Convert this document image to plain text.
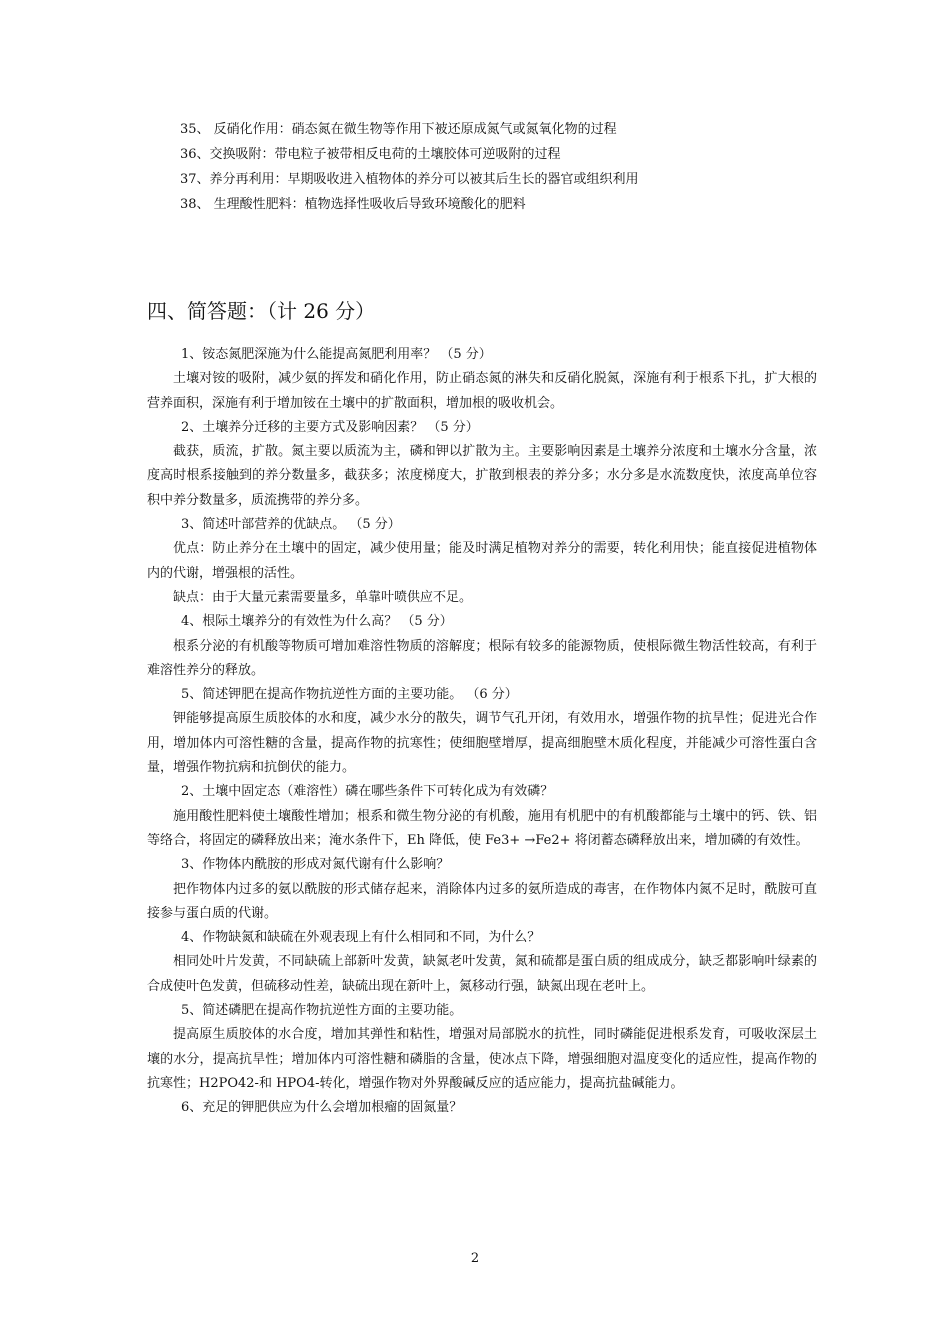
35、 反硝化作用：硝态氮在微生物等作用下被还原成氮气或氮氧化物的过程
36、交换吸附：带电粒子被带相反电荷的土壤胶体可逆吸附的过程
37、养分再利用：早期吸收进入植物体的养分可以被其后生长的器官或组织利用
38、 生理酸性肥料：植物选择性吸收后导致环境酸化的肥料
四、简答题：（计 26 分）

1、铵态氮肥深施为什么能提高氮肥利用率？ （5 分）

土壤对铵的吸附，减少氨的挥发和硝化作用，防止硝态氮的淋失和反硝化脱氮，深施有利于根系下扎，扩大根的营养面积，深施有利于增加铵在土壤中的扩散面积，增加根的吸收机会。

2、土壤养分迁移的主要方式及影响因素？ （5 分）

截获，质流，扩散。氮主要以质流为主，磷和钾以扩散为主。主要影响因素是土壤养分浓度和土壤水分含量，浓度高时根系接触到的养分数量多，截获多；浓度梯度大，扩散到根表的养分多；水分多是水流数度快，浓度高单位容积中养分数量多，质流携带的养分多。

3、简述叶部营养的优缺点。 （5 分）

优点：防止养分在土壤中的固定，减少使用量；能及时满足植物对养分的需要，转化利用快；能直接促进植物体内的代谢，增强根的活性。

缺点：由于大量元素需要量多，单靠叶喷供应不足。

4、根际土壤养分的有效性为什么高？ （5 分）

根系分泌的有机酸等物质可增加难溶性物质的溶解度；根际有较多的能源物质，使根际微生物活性较高，有利于难溶性养分的释放。

5、简述钾肥在提高作物抗逆性方面的主要功能。 （6 分）

钾能够提高原生质胶体的水和度，减少水分的散失，调节气孔开闭，有效用水，增强作物的抗旱性；促进光合作用，增加体内可溶性糖的含量，提高作物的抗寒性；使细胞壁增厚，提高细胞壁木质化程度，并能减少可溶性蛋白含量，增强作物抗病和抗倒伏的能力。

2、土壤中固定态（难溶性）磷在哪些条件下可转化成为有效磷？

施用酸性肥料使土壤酸性增加；根系和微生物分泌的有机酸，施用有机肥中的有机酸都能与土壤中的钙、铁、铝等络合，将固定的磷释放出来；淹水条件下，Eh 降低，使 Fe3+ →Fe2+ 将闭蓄态磷释放出来，增加磷的有效性。

3、作物体内酰胺的形成对氮代谢有什么影响？

把作物体内过多的氨以酰胺的形式储存起来，消除体内过多的氨所造成的毒害，在作物体内氮不足时，酰胺可直接参与蛋白质的代谢。

4、作物缺氮和缺硫在外观表现上有什么相同和不同，为什么？

相同处叶片发黄，不同缺硫上部新叶发黄，缺氮老叶发黄，氮和硫都是蛋白质的组成成分，缺乏都影响叶绿素的合成使叶色发黄，但硫移动性差，缺硫出现在新叶上，氮移动行强，缺氮出现在老叶上。

5、简述磷肥在提高作物抗逆性方面的主要功能。

提高原生质胶体的水合度，增加其弹性和粘性，增强对局部脱水的抗性，同时磷能促进根系发育，可吸收深层土壤的水分，提高抗旱性；增加体内可溶性糖和磷脂的含量，使冰点下降，增强细胞对温度变化的适应性，提高作物的抗寒性；H2PO42-和 HPO4-转化，增强作物对外界酸碱反应的适应能力，提高抗盐碱能力。

6、充足的钾肥供应为什么会增加根瘤的固氮量？

2
